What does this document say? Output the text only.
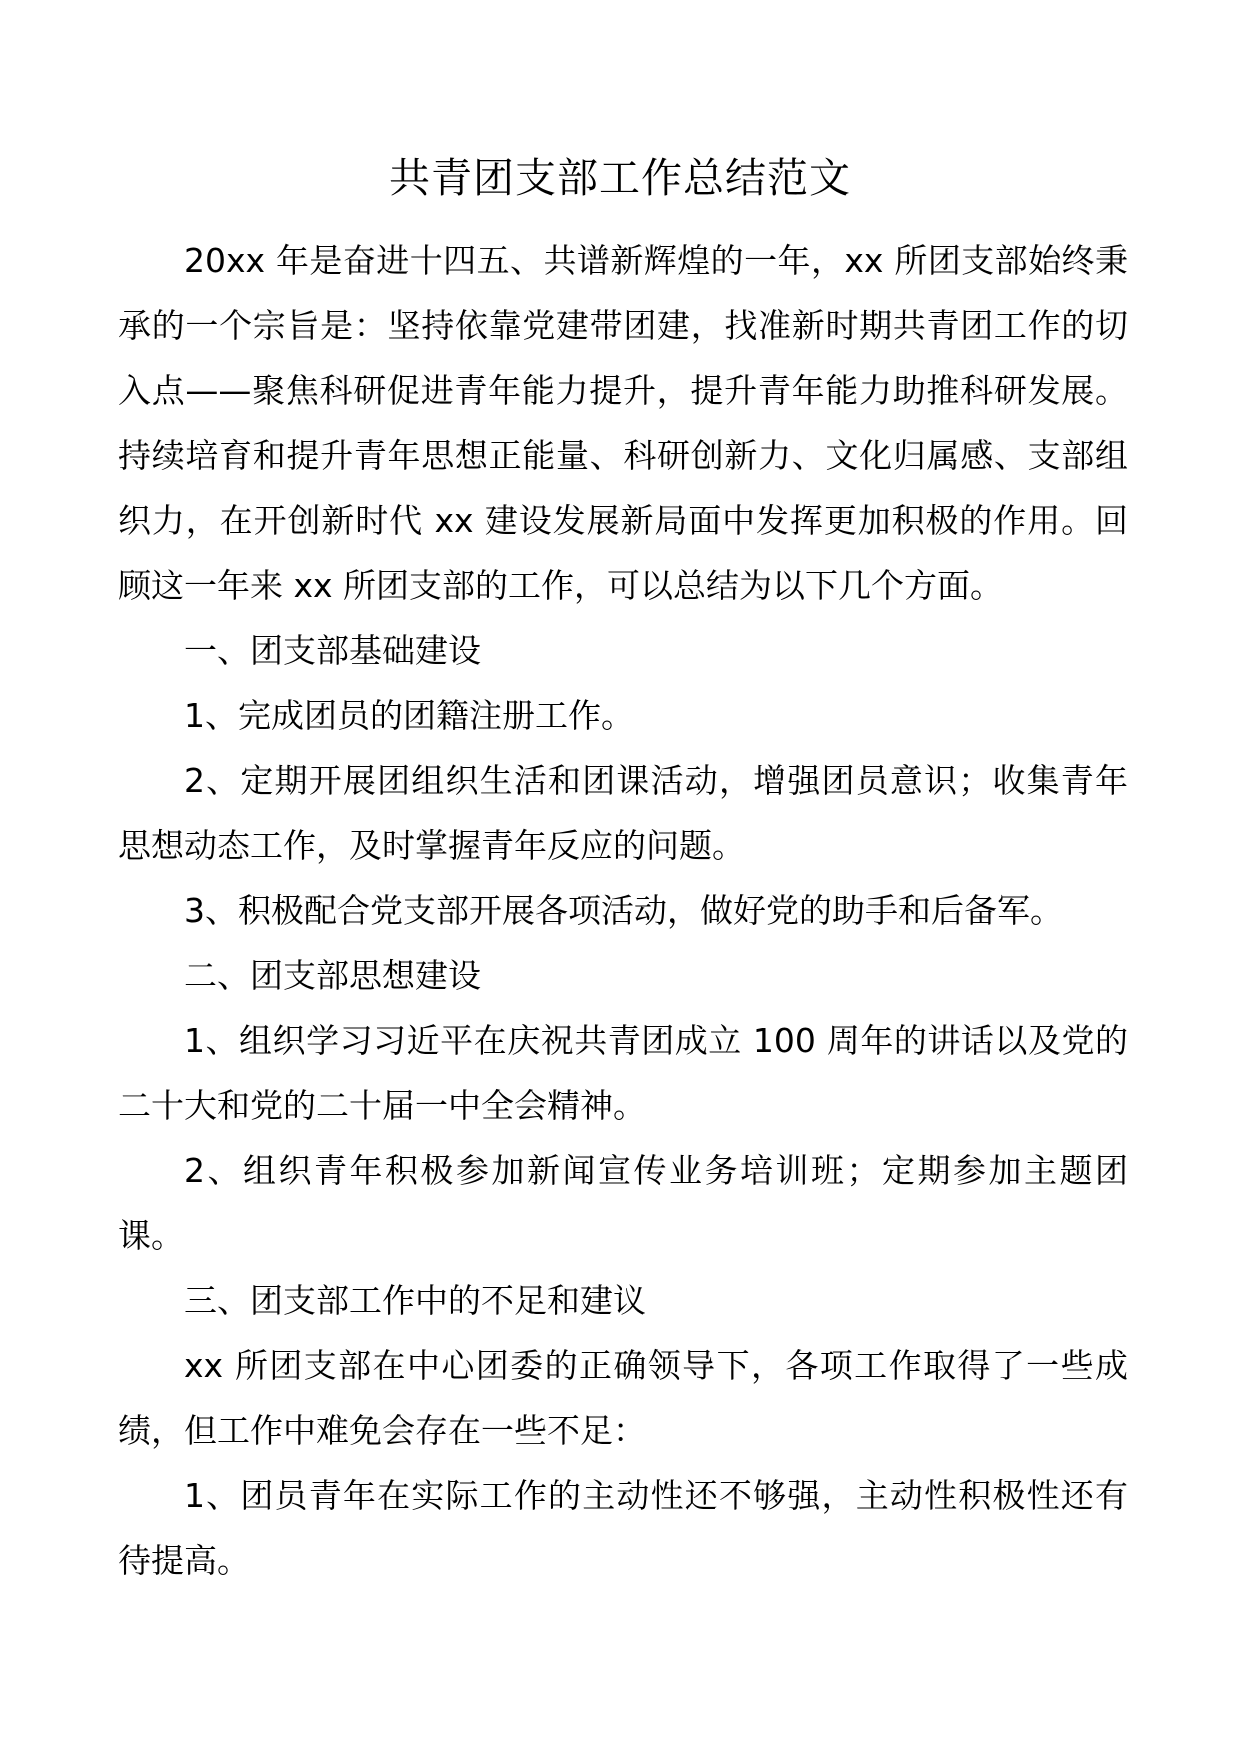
共青团支部工作总结范文

20xx 年是奋进十四五、共谱新辉煌的一年，xx 所团支部始终秉承的一个宗旨是：坚持依靠党建带团建，找准新时期共青团工作的切入点——聚焦科研促进青年能力提升，提升青年能力助推科研发展。持续培育和提升青年思想正能量、科研创新力、文化归属感、支部组织力，在开创新时代 xx 建设发展新局面中发挥更加积极的作用。回顾这一年来 xx 所团支部的工作，可以总结为以下几个方面。

一、团支部基础建设

1、完成团员的团籍注册工作。

2、定期开展团组织生活和团课活动，增强团员意识；收集青年思想动态工作，及时掌握青年反应的问题。

3、积极配合党支部开展各项活动，做好党的助手和后备军。

二、团支部思想建设

1、组织学习习近平在庆祝共青团成立 100 周年的讲话以及党的二十大和党的二十届一中全会精神。

2、组织青年积极参加新闻宣传业务培训班；定期参加主题团课。

三、团支部工作中的不足和建议

xx 所团支部在中心团委的正确领导下，各项工作取得了一些成绩，但工作中难免会存在一些不足：

1、团员青年在实际工作的主动性还不够强，主动性积极性还有待提高。
